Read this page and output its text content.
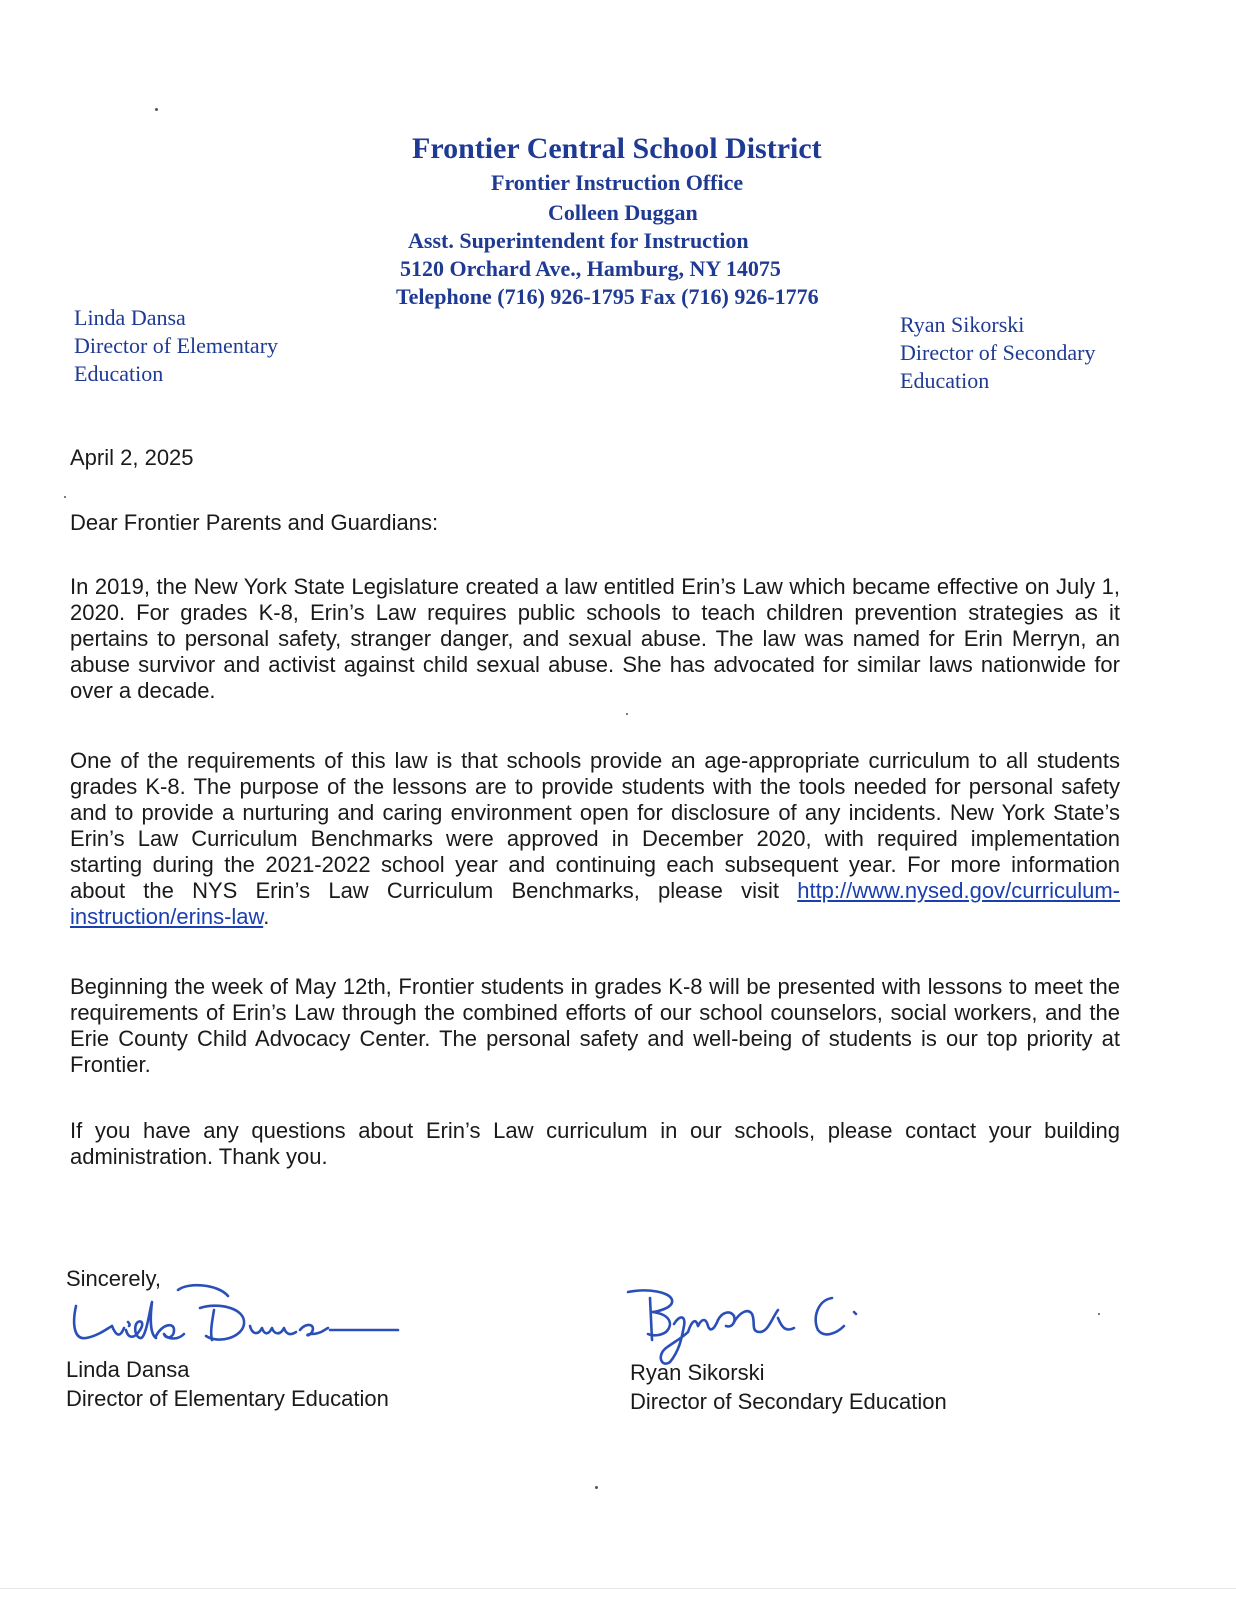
Frontier Central School District
Frontier Instruction Office
Colleen Duggan
Asst. Superintendent for Instruction
5120 Orchard Ave., Hamburg, NY 14075
Telephone (716) 926-1795 Fax (716) 926-1776
Linda Dansa
Director of Elementary
Education
Ryan Sikorski
Director of Secondary
Education
April 2, 2025
Dear Frontier Parents and Guardians:
In 2019, the New York State Legislature created a law entitled Erin’s Law which became effective on July 1, 2020. For grades K-8, Erin’s Law requires public schools to teach children prevention strategies as it pertains to personal safety, stranger danger, and sexual abuse. The law was named for Erin Merryn, an abuse survivor and activist against child sexual abuse. She has advocated for similar laws nationwide for over a decade.
One of the requirements of this law is that schools provide an age-appropriate curriculum to all students grades K-8. The purpose of the lessons are to provide students with the tools needed for personal safety and to provide a nurturing and caring environment open for disclosure of any incidents. New York State’s Erin’s Law Curriculum Benchmarks were approved in December 2020, with required implementation starting during the 2021-2022 school year and continuing each subsequent year. For more information about the NYS Erin’s Law Curriculum Benchmarks, please visit http://www.nysed.gov/curriculum-instruction/erins-law.
Beginning the week of May 12th, Frontier students in grades K-8 will be presented with lessons to meet the requirements of Erin’s Law through the combined efforts of our school counselors, social workers, and the Erie County Child Advocacy Center. The personal safety and well-being of students is our top priority at Frontier.
If you have any questions about Erin’s Law curriculum in our schools, please contact your building administration. Thank you.
Sincerely,
Linda Dansa
Director of Elementary Education
Ryan Sikorski
Director of Secondary Education
